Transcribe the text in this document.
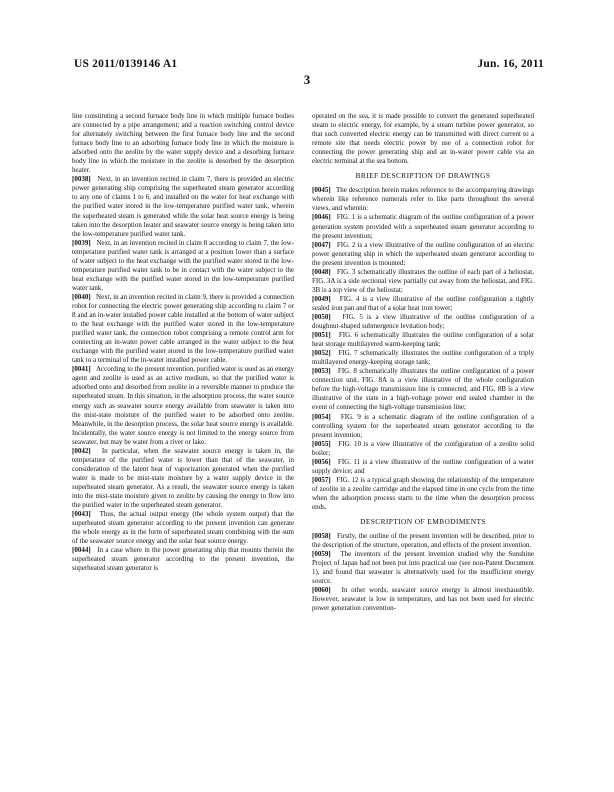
US 2011/0139146 A1	Jun. 16, 2011
3

line constituting a second furnace body line in which multiple furnace bodies are connected by a pipe arrangement; and a reaction switching control device for alternately switching between the first furnace body line and the second furnace body line to an adsorbing furnace body line in which the moisture is adsorbed onto the zeolite by the water supply device and a desorbing furnace body line in which the moisture in the zeolite is desorbed by the desorption heater.

[0038] Next, in an invention recited in claim 7, there is provided an electric power generating ship comprising the superheated steam generator according to any one of claims 1 to 6, and installed on the water for heat exchange with the purified water stored in the low-temperature purified water tank, wherein the superheated steam is generated while the solar heat source energy is being taken into the desorption heater and seawater source energy is being taken into the low-temperature purified water tank.

[0039] Next, in an invention recited in claim 8 according to claim 7, the low-temperature purified water tank is arranged at a position lower than a surface of water subject to the heat exchange with the purified water stored in the low-temperature purified water tank to be in contact with the water subject to the heat exchange with the purified water stored in the low-temperature purified water tank.

[0040] Next, in an invention recited in claim 9, there is provided a connection robot for connecting the electric power generating ship according to claim 7 or 8 and an in-water installed power cable installed at the bottom of water subject to the heat exchange with the purified water stored in the low-temperature purified water tank, the connection robot comprising a remote control arm for connecting an in-water power cable arranged in the water subject to the heat exchange with the purified water stored in the low-temperature purified water tank to a terminal of the in-water installed power cable.

[0041] According to the present invention, purified water is used as an energy agent and zeolite is used as an active medium, so that the purified water is adsorbed onto and desorbed from zeolite in a reversible manner to produce the superheated steam. In this situation, in the adsorption process, the water source energy such as seawater source energy available from seawater is taken into the mist-state moisture of the purified water to be adsorbed onto zeolite. Meanwhile, in the desorption process, the solar heat source energy is available. Incidentally, the water source energy is not limited to the energy source from seawater, but may be water from a river or lake.

[0042] In particular, when the seawater source energy is taken in, the temperature of the purified water is lower than that of the seawater, in consideration of the latent heat of vaporization generated when the purified water is made to be mist-state moisture by a water supply device in the superheated steam generator. As a result, the seawater source energy is taken into the mist-state moisture given to zeolite by causing the energy to flow into the purified water in the superheated steam generator.

[0043] Thus, the actual output energy (the whole system output) that the superheated steam generator according to the present invention can generate the whole energy as in the form of superheated steam combining with the sum of the seawater source energy and the solar heat source energy.

[0044] In a case where in the power generating ship that mounts therein the superheated steam generator according to the present invention, the superheated steam generator is

operated on the sea, it is made possible to convert the generated superheated steam to electric energy, for example, by a steam turbine power generator, so that such converted electric energy can be transmitted with direct current to a remote site that needs electric power by use of a connection robot for connecting the power generating ship and an in-water power cable via an electric terminal at the sea bottom.

BRIEF DESCRIPTION OF DRAWINGS

[0045] The description herein makes reference to the accompanying drawings wherein like reference numerals refer to like parts throughout the several views, and wherein:

[0046] FIG. 1 is a schematic diagram of the outline configuration of a power generation system provided with a superheated steam generator according to the present invention;

[0047] FIG. 2 is a view illustrative of the outline configuration of an electric power generating ship in which the superheated steam generator according to the present invention is mounted;

[0048] FIG. 3 schematically illustrates the outline of each part of a heliostat, FIG. 3A is a side sectional view partially cut away from the heliostat, and FIG. 3B is a top view of the heliostat;

[0049] FIG. 4 is a view illustrative of the outline configuration a tightly sealed iron pan and that of a solar heat iron tower;

[0050] FIG. 5 is a view illustrative of the outline configuration of a doughnut-shaped submergence levitation body;

[0051] FIG. 6 schematically illustrates the outline configuration of a solar heat storage multilayered warm-keeping tank;

[0052] FIG. 7 schematically illustrates the outline configuration of a triply multilayered energy-keeping storage tank;

[0053] FIG. 8 schematically illustrates the outline configuration of a power connection unit, FIG. 8A is a view illustrative of the whole configuration before the high-voltage transmission line is connected, and FIG. 8B is a view illustrative of the state in a high-voltage power end sealed chamber in the event of connecting the high-voltage transmission line;

[0054] FIG. 9 is a schematic diagram of the outline configuration of a controlling system for the superheated steam generator according to the present invention;

[0055] FIG. 10 is a view illustrative of the configuration of a zeolite solid boiler;

[0056] FIG. 11 is a view illustrative of the outline configuration of a water supply device; and

[0057] FIG. 12 is a typical graph showing the relationship of the temperature of zeolite in a zeolite cartridge and the elapsed time in one cycle from the time when the adsorption process starts to the time when the desorption process ends.

DESCRIPTION OF EMBODIMENTS

[0058] Firstly, the outline of the present invention will be described, prior to the description of the structure, operation, and effects of the present invention.

[0059] The inventors of the present invention studied why the Sunshine Project of Japan had not been put into practical use (see non-Patent Document 1), and found that seawater is alternatively used for the insufficient energy source.

[0060] In other words, seawater source energy is almost inexhaustible. However, seawater is low in temperature, and has not been used for electric power generation convention-
